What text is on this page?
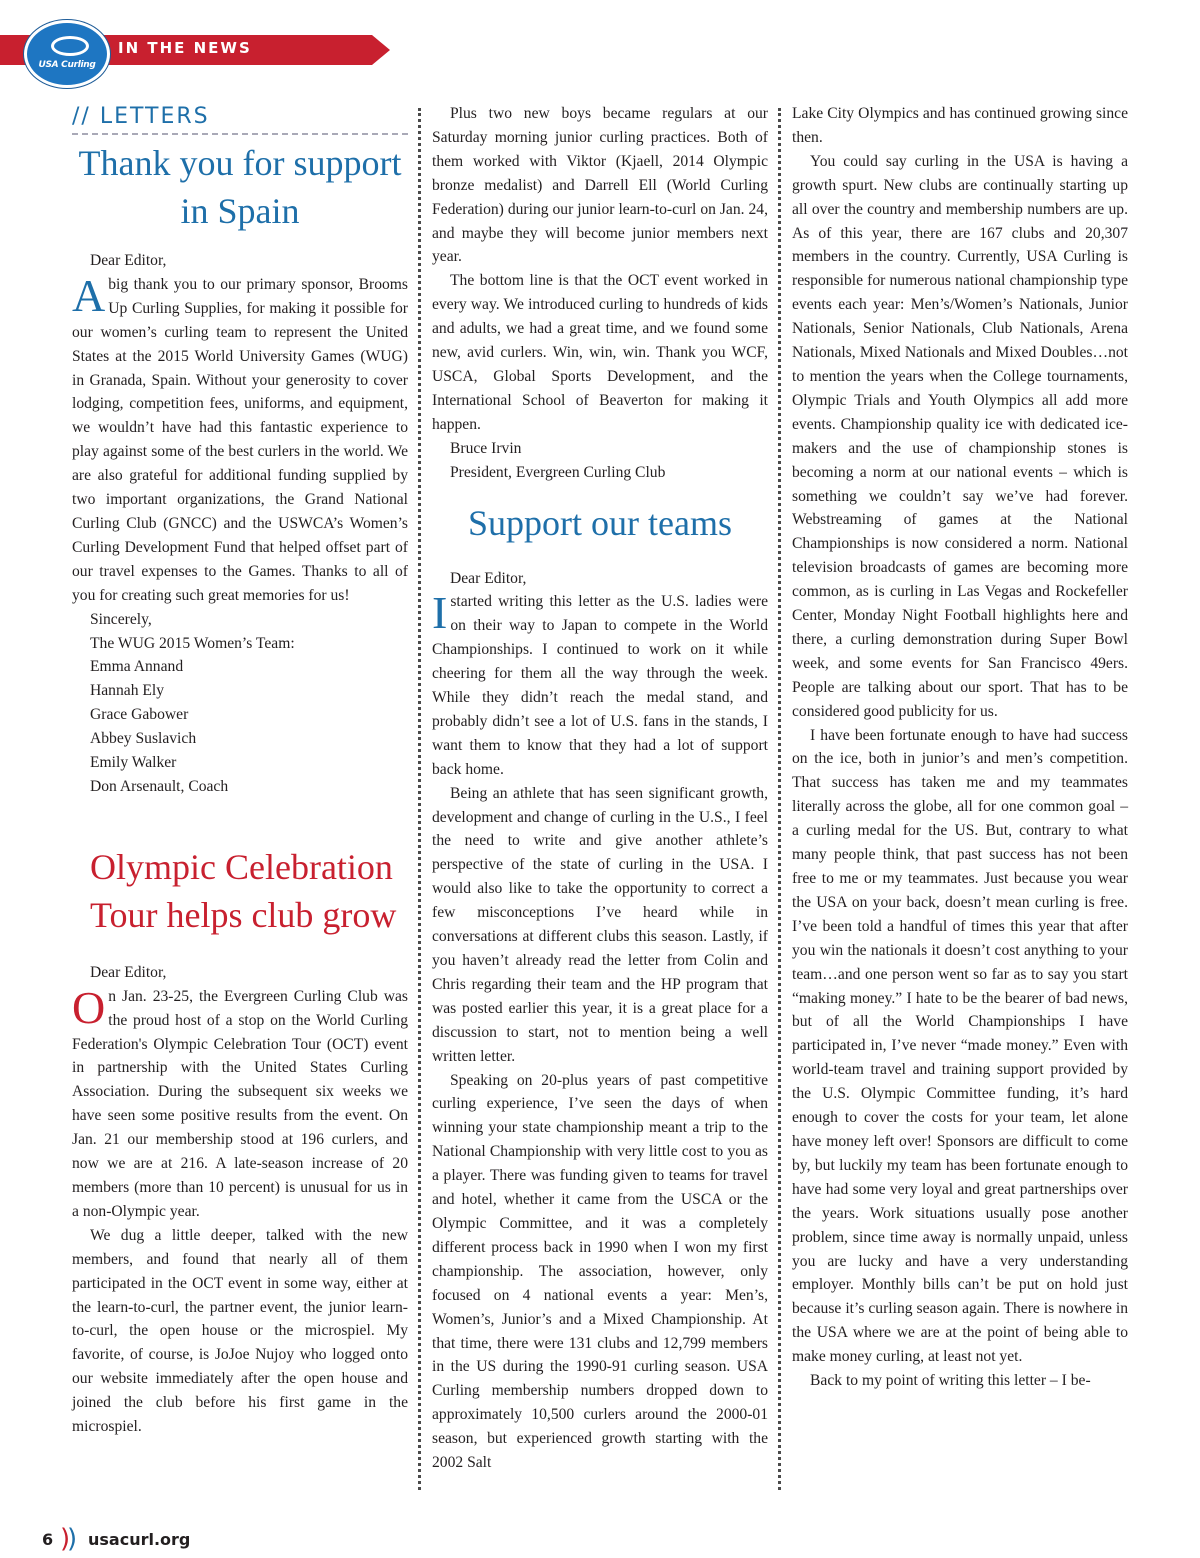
IN THE NEWS
USA Curling
// LETTERS
Thank you for support in Spain

Dear Editor,

Abig thank you to our primary sponsor, Brooms Up Curling Supplies, for making it possible for our women’s curling team to represent the United States at the 2015 World University Games (WUG) in Granada, Spain. Without your generosity to cover lodging, competition fees, uniforms, and equipment, we wouldn’t have had this fantastic experience to play against some of the best curlers in the world. We are also grateful for additional funding supplied by two important organizations, the Grand National Curling Club (GNCC) and the USWCA’s Women’s Curling Development Fund that helped offset part of our travel expenses to the Games. Thanks to all of you for creating such great memories for us!

Sincerely,

The WUG 2015 Women’s Team:

Emma Annand

Hannah Ely

Grace Gabower

Abbey Suslavich

Emily Walker

Don Arsenault, Coach

Olympic Celebration Tour helps club grow

Dear Editor,

On Jan. 23-25, the Evergreen Curling Club was the proud host of a stop on the World Curling Federation's Olympic Celebration Tour (OCT) event in partnership with the United States Curling Association. During the subsequent six weeks we have seen some positive results from the event. On Jan. 21 our membership stood at 196 curlers, and now we are at 216. A late-season increase of 20 members (more than 10 percent) is unusual for us in a non-Olympic year.

We dug a little deeper, talked with the new members, and found that nearly all of them participated in the OCT event in some way, either at the learn-to-curl, the partner event, the junior learn-to-curl, the open house or the microspiel. My favorite, of course, is JoJoe Nujoy who logged onto our website immediately after the open house and joined the club before his first game in the microspiel.

Plus two new boys became regulars at our Saturday morning junior curling practices. Both of them worked with Viktor (Kjaell, 2014 Olympic bronze medalist) and Darrell Ell (World Curling Federation) during our junior learn-to-curl on Jan. 24, and maybe they will become junior members next year.

The bottom line is that the OCT event worked in every way. We introduced curling to hundreds of kids and adults, we had a great time, and we found some new, avid curlers. Win, win, win. Thank you WCF, USCA, Global Sports Development, and the International School of Beaverton for making it happen.

Bruce Irvin

President, Evergreen Curling Club

Support our teams

Dear Editor,

Istarted writing this letter as the U.S. ladies were on their way to Japan to compete in the World Championships. I continued to work on it while cheering for them all the way through the week. While they didn’t reach the medal stand, and probably didn’t see a lot of U.S. fans in the stands, I want them to know that they had a lot of support back home.

Being an athlete that has seen significant growth, development and change of curling in the U.S., I feel the need to write and give another athlete’s perspective of the state of curling in the USA. I would also like to take the opportunity to correct a few misconceptions I’ve heard while in conversations at different clubs this season. Lastly, if you haven’t already read the letter from Colin and Chris regarding their team and the HP program that was posted earlier this year, it is a great place for a discussion to start, not to mention being a well written letter.

Speaking on 20-plus years of past competitive curling experience, I’ve seen the days of when winning your state championship meant a trip to the National Championship with very little cost to you as a player. There was funding given to teams for travel and hotel, whether it came from the USCA or the Olympic Committee, and it was a completely different process back in 1990 when I won my first championship. The association, however, only focused on 4 national events a year: Men’s, Women’s, Junior’s and a Mixed Championship. At that time, there were 131 clubs and 12,799 members in the US during the 1990-91 curling season. USA Curling membership numbers dropped down to approximately 10,500 curlers around the 2000-01 season, but experienced growth starting with the 2002 Salt

Lake City Olympics and has continued growing since then.

You could say curling in the USA is having a growth spurt. New clubs are continually starting up all over the country and membership numbers are up. As of this year, there are 167 clubs and 20,307 members in the country. Currently, USA Curling is responsible for numerous national championship type events each year: Men’s/Women’s Nationals, Junior Nationals, Senior Nationals, Club Nationals, Arena Nationals, Mixed Nationals and Mixed Doubles…not to mention the years when the College tournaments, Olympic Trials and Youth Olympics all add more events. Championship quality ice with dedicated ice-makers and the use of championship stones is becoming a norm at our national events – which is something we couldn’t say we’ve had forever. Webstreaming of games at the National Championships is now considered a norm. National television broadcasts of games are becoming more common, as is curling in Las Vegas and Rockefeller Center, Monday Night Football highlights here and there, a curling demonstration during Super Bowl week, and some events for San Francisco 49ers. People are talking about our sport. That has to be considered good publicity for us.

I have been fortunate enough to have had success on the ice, both in junior’s and men’s competition. That success has taken me and my teammates literally across the globe, all for one common goal – a curling medal for the US. But, contrary to what many people think, that past success has not been free to me or my teammates. Just because you wear the USA on your back, doesn’t mean curling is free. I’ve been told a handful of times this year that after you win the nationals it doesn’t cost anything to your team…and one person went so far as to say you start “making money.” I hate to be the bearer of bad news, but of all the World Championships I have participated in, I’ve never “made money.” Even with world-team travel and training support provided by the U.S. Olympic Committee funding, it’s hard enough to cover the costs for your team, let alone have money left over! Sponsors are difficult to come by, but luckily my team has been fortunate enough to have had some very loyal and great partnerships over the years. Work situations usually pose another problem, since time away is normally unpaid, unless you are lucky and have a very understanding employer. Monthly bills can’t be put on hold just because it’s curling season again. There is nowhere in the USA where we are at the point of being able to make money curling, at least not yet.

Back to my point of writing this letter – I be-

6 ) ) usacurl.org
